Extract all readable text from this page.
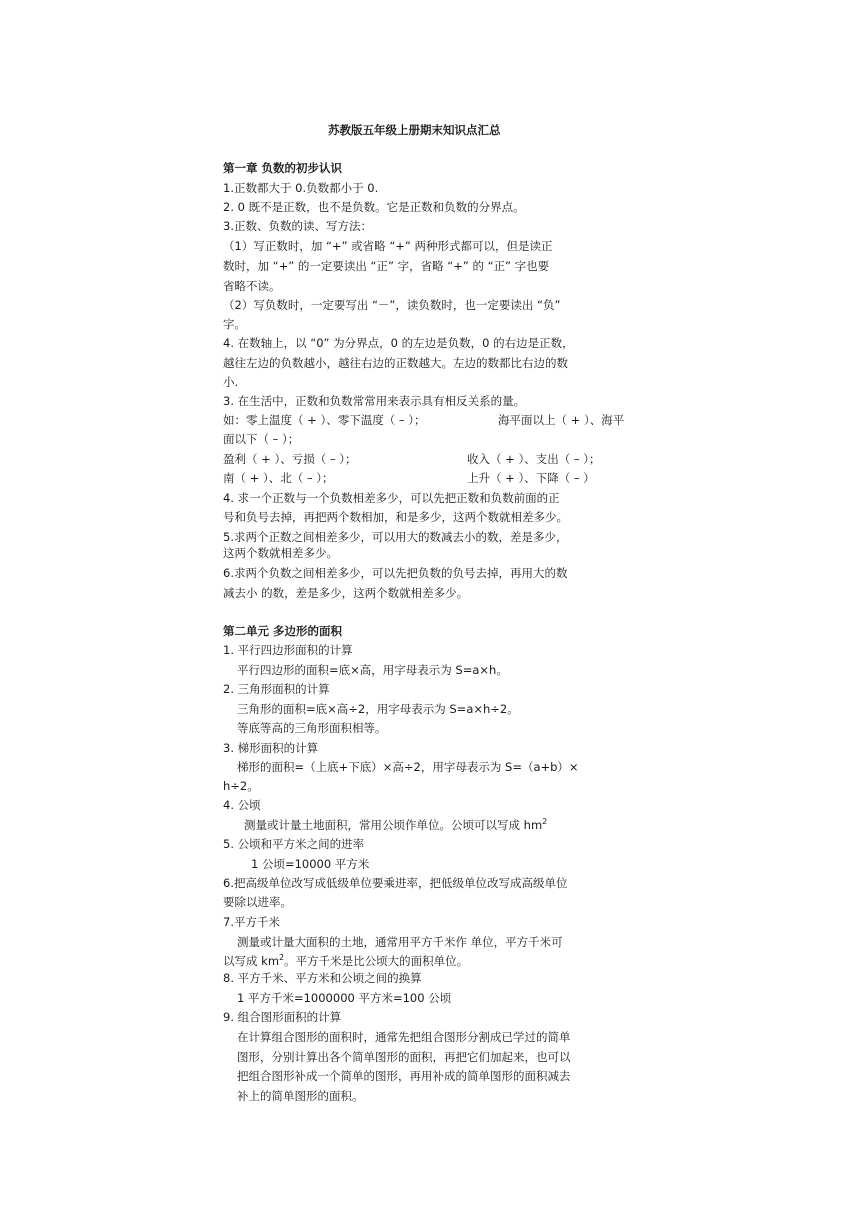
苏教版五年级上册期末知识点汇总
第一章 负数的初步认识
1.正数都大于 0.负数都小于 0.
2. 0 既不是正数，也不是负数。它是正数和负数的分界点。
3.正数、负数的读、写方法：
（1）写正数时，加 “+” 或省略 “+” 两种形式都可以，但是读正
数时，加 “+” 的一定要读出 “正” 字，省略 “+” 的 “正” 字也要
省略不读。
（2）写负数时，一定要写出 “－”，读负数时，也一定要读出 “负”
字。
4. 在数轴上，以 “0” 为分界点，0 的左边是负数，0 的右边是正数，
越往左边的负数越小，越往右边的正数越大。左边的数都比右边的数
小.
3. 在生活中，正数和负数常常用来表示具有相反关系的量。
如：零上温度（ + ）、零下温度（ – ）；	海平面以上（ + ）、海平
面以下（ – ）；
盈利（ + ）、亏损（ – ）；	收入（ + ）、支出（ – ）；
南（ + ）、北（ – ）；	上升（ + ）、下降（ – ）
4. 求一个正数与一个负数相差多少，可以先把正数和负数前面的正
号和负号去掉，再把两个数相加，和是多少，这两个数就相差多少。
5.求两个正数之间相差多少，可以用大的数减去小的数，差是多少，
这两个数就相差多少。
6.求两个负数之间相差多少，可以先把负数的负号去掉，再用大的数
减去小 的数，差是多少，这两个数就相差多少。
第二单元 多边形的面积
1. 平行四边形面积的计算
平行四边形的面积=底×高，用字母表示为 S=a×h。
2. 三角形面积的计算
三角形的面积=底×高÷2，用字母表示为 S=a×h÷2。
等底等高的三角形面积相等。
3. 梯形面积的计算
梯形的面积=（上底+下底）×高÷2，用字母表示为 S=（a+b）×
h÷2。
4. 公顷
测量或计量土地面积，常用公顷作单位。公顷可以写成 $hm^2$
5. 公顷和平方米之间的进率
1 公顷=10000 平方米
6.把高级单位改写成低级单位要乘进率，把低级单位改写成高级单位
要除以进率。
7.平方千米
测量或计量大面积的土地，通常用平方千米作 单位，平方千米可
以写成 $km^2$。平方千米是比公顷大的面积单位。
8. 平方千米、平方米和公顷之间的换算
1 平方千米=1000000 平方米=100 公顷
9. 组合图形面积的计算
在计算组合图形的面积时，通常先把组合图形分割成已学过的简单
图形，分别计算出各个简单图形的面积，再把它们加起来，也可以
把组合图形补成一个简单的图形，再用补成的简单图形的面积减去
补上的简单图形的面积。
